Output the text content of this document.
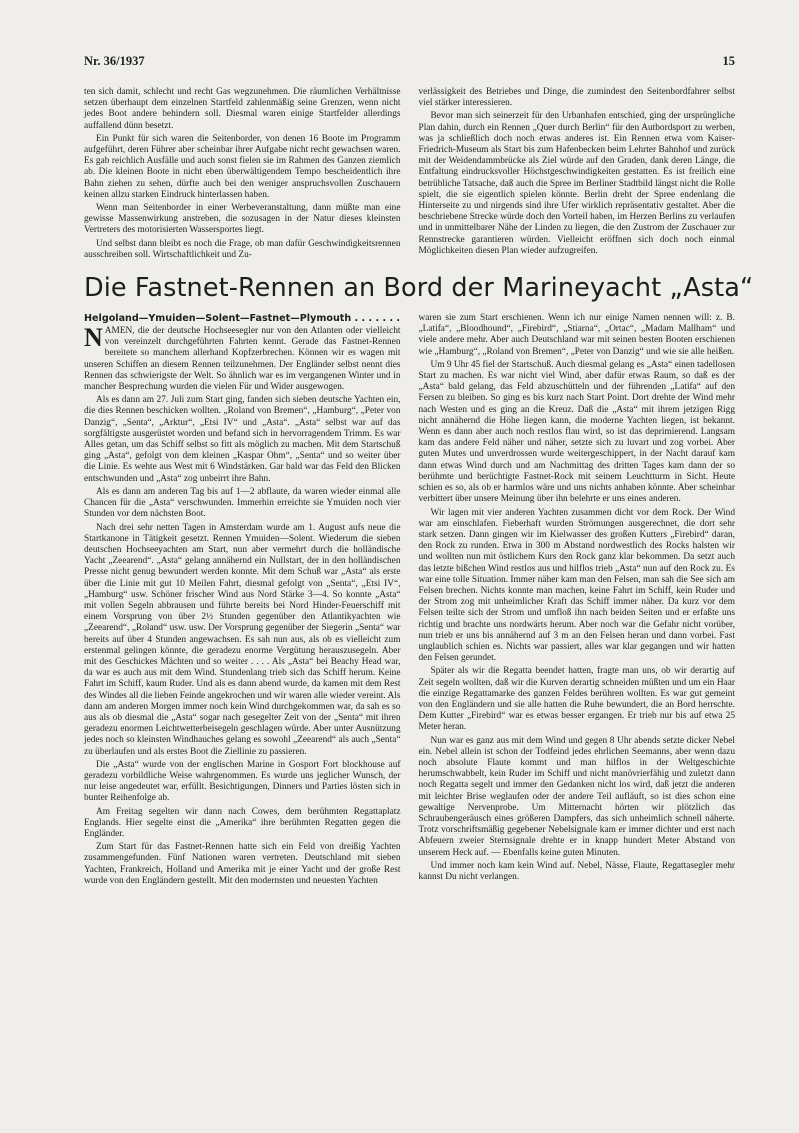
Nr. 36/1937	15

ten sich damit, schlecht und recht Gas wegzunehmen. Die räumlichen Verhältnisse setzen überhaupt dem einzelnen Startfeld zahlenmäßig seine Grenzen, wenn nicht jedes Boot andere behindern soll. Diesmal waren einige Startfelder allerdings auffallend dünn besetzt.

Ein Punkt für sich waren die Seitenborder, von denen 16 Boote im Programm aufgeführt, deren Führer aber scheinbar ihrer Aufgabe nicht recht gewachsen waren. Es gab reichlich Ausfälle und auch sonst fielen sie im Rahmen des Ganzen ziemlich ab. Die kleinen Boote in nicht eben überwältigendem Tempo bescheidentlich ihre Bahn ziehen zu sehen, dürfte auch bei den weniger anspruchsvollen Zuschauern keinen allzu starken Eindruck hinterlassen haben.

Wenn man Seitenborder in einer Werbeveranstaltung, dann müßte man eine gewisse Massenwirkung anstreben, die sozusagen in der Natur dieses kleinsten Vertreters des motorisierten Wassersportes liegt.

Und selbst dann bleibt es noch die Frage, ob man dafür Geschwindigkeitsrennen ausschreiben soll. Wirtschaftlichkeit und Zu-

verlässigkeit des Betriebes und Dinge, die zumindest den Seitenbordfahrer selbst viel stärker interessieren.

Bevor man sich seinerzeit für den Urbanhafen entschied, ging der ursprüngliche Plan dahin, durch ein Rennen „Quer durch Berlin“ für den Autbordsport zu werben, was ja schließlich doch noch etwas anderes ist. Ein Rennen etwa vom Kaiser-Friedrich-Museum als Start bis zum Hafenbecken beim Lehrter Bahnhof und zurück mit der Weidendammbrücke als Ziel würde auf den Graden, dank deren Länge, die Entfaltung eindrucksvoller Höchstgeschwindigkeiten gestatten. Es ist freilich eine betrübliche Tatsache, daß auch die Spree im Berliner Stadtbild längst nicht die Rolle spielt, die sie eigentlich spielen könnte. Berlin dreht der Spree endenlang die Hinterseite zu und nirgends sind ihre Ufer wirklich repräsentativ gestaltet. Aber die beschriebene Strecke würde doch den Vorteil haben, im Herzen Berlins zu verlaufen und in unmittelbarer Nähe der Linden zu liegen, die den Zustrom der Zuschauer zur Rennstrecke garantieren würden. Vielleicht eröffnen sich doch noch einmal Möglichkeiten diesen Plan wieder aufzugreifen.

Die Fastnet-Rennen an Bord der Marineyacht „Asta“
Helgoland—Ymuiden—Solent—Fastnet—Plymouth . . . . . . .

NAMEN, die der deutsche Hochseesegler nur von den Atlanten oder vielleicht von vereinzelt durchgeführten Fahrten kennt. Gerade das Fastnet-Rennen bereitete so manchem allerhand Kopfzerbrechen. Können wir es wagen mit unseren Schiffen an diesem Rennen teilzunehmen. Der Engländer selbst nennt dies Rennen das schwierigste der Welt. So ähnlich war es im vergangenen Winter und in mancher Besprechung wurden die vielen Für und Wider ausgewogen.

Als es dann am 27. Juli zum Start ging, fanden sich sieben deutsche Yachten ein, die dies Rennen beschicken wollten. „Roland von Bremen“, „Hamburg“, „Peter von Danzig“, „Senta“, „Arktur“, „Etsi IV“ und „Asta“. „Asta“ selbst war auf das sorgfältigste ausgerüstet worden und befand sich in hervorragendem Trimm. Es war Alles getan, um das Schiff selbst so fitt als möglich zu machen. Mit dem Startschuß ging „Asta“, gefolgt von dem kleinen „Kaspar Ohm“, „Senta“ und so weiter über die Linie. Es wehte aus West mit 6 Windstärken. Gar bald war das Feld den Blicken entschwunden und „Asta“ zog unbeirrt ihre Bahn.

Als es dann am anderen Tag bis auf 1—2 abflaute, da waren wieder einmal alle Chancen für die „Asta“ verschwunden. Immerhin erreichte sie Ymuiden noch vier Stunden vor dem nächsten Boot.

Nach drei sehr netten Tagen in Amsterdam wurde am 1. August aufs neue die Startkanone in Tätigkeit gesetzt. Rennen Ymuiden—Solent. Wiederum die sieben deutschen Hochseeyachten am Start, nun aber vermehrt durch die holländische Yacht „Zeearend“. „Asta“ gelang annähernd ein Nullstart, der in den holländischen Presse nicht genug bewundert werden konnte. Mit dem Schuß war „Asta“ als erste über die Linie mit gut 10 Meilen Fahrt, diesmal gefolgt von „Senta“, „Etsi IV“, „Hamburg“ usw. Schöner frischer Wind aus Nord Stärke 3—4. So konnte „Asta“ mit vollen Segeln abbrausen und führte bereits bei Nord Hinder-Feuerschiff mit einem Vorsprung von über 2½ Stunden gegenüber den Atlantikyachten wie „Zeearend“, „Roland“ usw. usw. Der Vorsprung gegenüber der Siegerin „Senta“ war bereits auf über 4 Stunden angewachsen. Es sah nun aus, als ob es vielleicht zum erstenmal gelingen könnte, die geradezu enorme Vergütung herauszusegeln. Aber mit des Geschickes Mächten und so weiter . . . . Als „Asta“ bei Beachy Head war, da war es auch aus mit dem Wind. Stundenlang trieb sich das Schiff herum. Keine Fahrt im Schiff, kaum Ruder. Und als es dann abend wurde, da kamen mit dem Rest des Windes all die lieben Feinde angekrochen und wir waren alle wieder vereint. Als dann am anderen Morgen immer noch kein Wind durchgekommen war, da sah es so aus als ob diesmal die „Asta“ sogar nach gesegelter Zeit von der „Senta“ mit ihren geradezu enormen Leichtwetterbeisegeln geschlagen würde. Aber unter Ausnützung jedes noch so kleinsten Windhauches gelang es sowohl „Zeearend“ als auch „Senta“ zu überlaufen und als erstes Boot die Ziellinie zu passieren.

Die „Asta“ wurde von der englischen Marine in Gosport Fort blockhouse auf geradezu vorbildliche Weise wahrgenommen. Es wurde uns jeglicher Wunsch, der nur leise angedeutet war, erfüllt. Besichtigungen, Dinners und Parties lösten sich in bunter Reihenfolge ab.

Am Freitag segelten wir dann nach Cowes, dem berühmten Regattaplatz Englands. Hier segelte einst die „Amerika“ ihre berühmten Regatten gegen die Engländer.

Zum Start für das Fastnet-Rennen hatte sich ein Feld von dreißig Yachten zusammengefunden. Fünf Nationen waren vertreten. Deutschland mit sieben Yachten, Frankreich, Holland und Amerika mit je einer Yacht und der große Rest wurde von den Engländern gestellt. Mit den modernsten und neuesten Yachten

waren sie zum Start erschienen. Wenn ich nur einige Namen nennen will: z. B. „Latifa“, „Bloodhound“, „Firebird“, „Stiarna“, „Ortac“, „Madam Mallham“ und viele andere mehr. Aber auch Deutschland war mit seinen besten Booten erschienen wie „Hamburg“, „Roland von Bremen“, „Peter von Danzig“ und wie sie alle heißen.

Um 9 Uhr 45 fiel der Startschuß. Auch diesmal gelang es „Asta“ einen tadellosen Start zu machen. Es war nicht viel Wind, aber dafür etwas Raum, so daß es der „Asta“ bald gelang, das Feld abzuschütteln und der führenden „Latifa“ auf den Fersen zu bleiben. So ging es bis kurz nach Start Point. Dort drehte der Wind mehr nach Westen und es ging an die Kreuz. Daß die „Asta“ mit ihrem jetzigen Rigg nicht annähernd die Höhe liegen kann, die moderne Yachten liegen, ist bekannt. Wenn es dann aber auch noch restlos flau wird, so ist das deprimierend. Langsam kam das andere Feld näher und näher, setzte sich zu luvart und zog vorbei. Aber guten Mutes und unverdrossen wurde weitergeschippert, in der Nacht darauf kam dann etwas Wind durch und am Nachmittag des dritten Tages kam dann der so berühmte und berüchtigte Fastnet-Rock mit seinem Leuchtturm in Sicht. Heute schien es so, als ob er harmlos wäre und uns nichts anhaben könnte. Aber scheinbar verbittert über unsere Meinung über ihn belehrte er uns eines anderen.

Wir lagen mit vier anderen Yachten zusammen dicht vor dem Rock. Der Wind war am einschlafen. Fieberhaft wurden Strömungen ausgerechnet, die dort sehr stark setzen. Dann gingen wir im Kielwasser des großen Kutters „Firebird“ daran, den Rock zu runden. Etwa in 300 m Abstand nordwestlich des Rocks halsten wir und wollten nun mit östlichem Kurs den Rock ganz klar bekommen. Da setzt auch das letzte bißchen Wind restlos aus und hilflos trieb „Asta“ nun auf den Rock zu. Es war eine tolle Situation. Immer näher kam man den Felsen, man sah die See sich am Felsen brechen. Nichts konnte man machen, keine Fahrt im Schiff, kein Ruder und der Strom zog mit unheimlicher Kraft das Schiff immer näher. Da kurz vor dem Felsen teilte sich der Strom und umfloß ihn nach beiden Seiten und er erfaßte uns richtig und brachte uns nordwärts herum. Aber noch war die Gefahr nicht vorüber, nun trieb er uns bis annähernd auf 3 m an den Felsen heran und dann vorbei. Fast unglaublich schien es. Nichts war passiert, alles war klar gegangen und wir hatten den Felsen gerundet.

Später als wir die Regatta beendet hatten, fragte man uns, ob wir derartig auf Zeit segeln wollten, daß wir die Kurven derartig schneiden müßten und um ein Haar die einzige Regattamarke des ganzen Feldes berühren wollten. Es war gut gemeint von den Engländern und sie alle hatten die Ruhe bewundert, die an Bord herrschte. Dem Kutter „Firebird“ war es etwas besser ergangen. Er trieb nur bis auf etwa 25 Meter heran.

Nun war es ganz aus mit dem Wind und gegen 8 Uhr abends setzte dicker Nebel ein. Nebel allein ist schon der Todfeind jedes ehrlichen Seemanns, aber wenn dazu noch absolute Flaute kommt und man hilflos in der Weltgeschichte herumschwabbelt, kein Ruder im Schiff und nicht manövrierfähig und zuletzt dann noch Regatta segelt und immer den Gedanken nicht los wird, daß jetzt die anderen mit leichter Brise weglaufen oder der andere Teil aufläuft, so ist dies schon eine gewaltige Nervenprobe. Um Mitternacht hörten wir plötzlich das Schraubengeräusch eines größeren Dampfers, das sich unheimlich schnell näherte. Trotz vorschriftsmäßig gegebener Nebelsignale kam er immer dichter und erst nach Abfeuern zweier Sternsignale drehte er in knapp hundert Meter Abstand von unserem Heck auf. — Ebenfalls keine guten Minuten.

Und immer noch kam kein Wind auf. Nebel, Nässe, Flaute, Regattasegler mehr kannst Du nicht verlangen.
